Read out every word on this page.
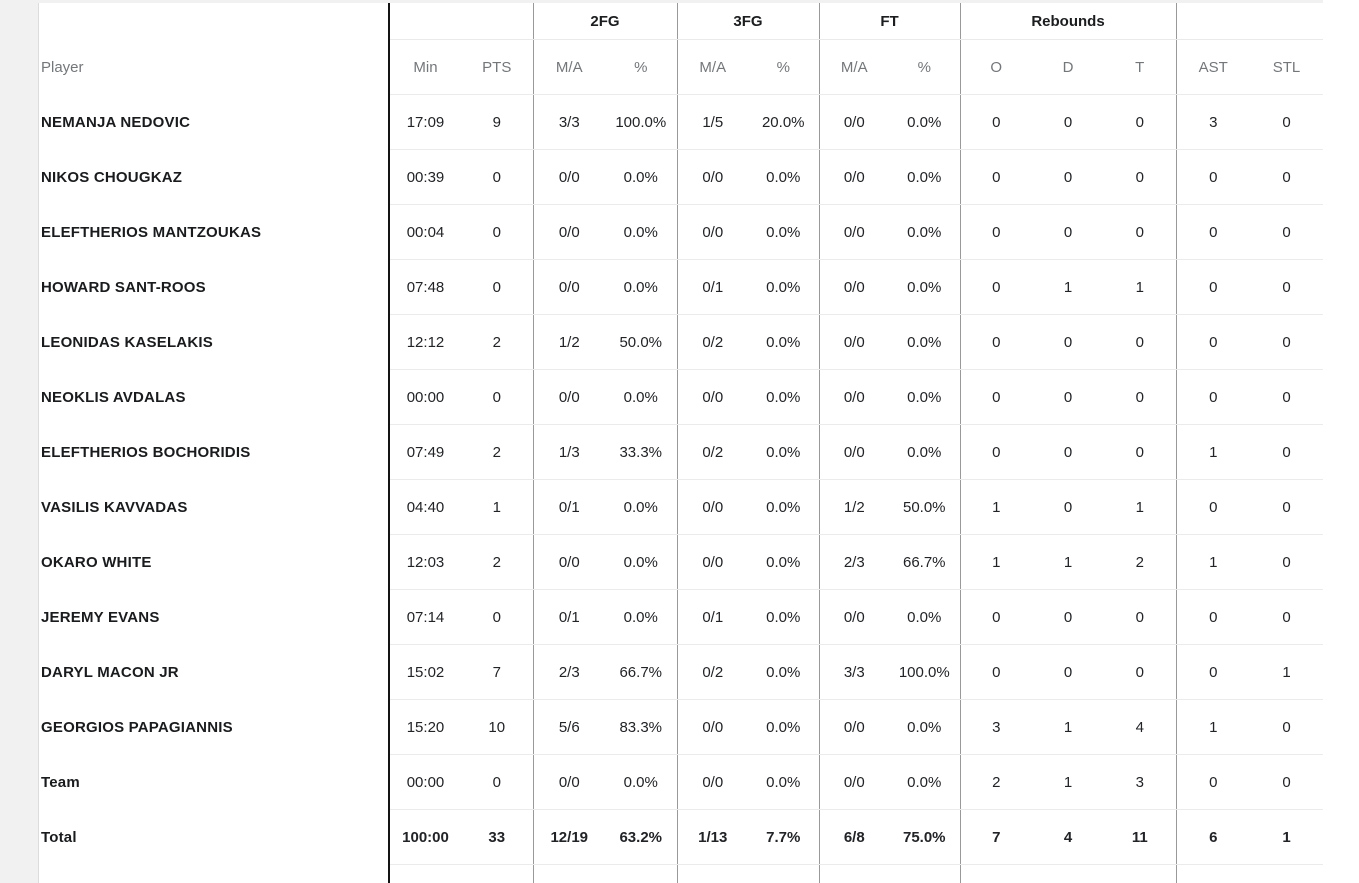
			2FG		3FG		FT		Rebounds				
Player	Min	PTS	M/A	%	M/A	%	M/A	%	O	D	T	AST	STL
NEMANJA NEDOVIC	17:09	9	3/3	100.0%	1/5	20.0%	0/0	0.0%	0	0	0	3	0
NIKOS CHOUGKAZ	00:39	0	0/0	0.0%	0/0	0.0%	0/0	0.0%	0	0	0	0	0
ELEFTHERIOS MANTZOUKAS	00:04	0	0/0	0.0%	0/0	0.0%	0/0	0.0%	0	0	0	0	0
HOWARD SANT-ROOS	07:48	0	0/0	0.0%	0/1	0.0%	0/0	0.0%	0	1	1	0	0
LEONIDAS KASELAKIS	12:12	2	1/2	50.0%	0/2	0.0%	0/0	0.0%	0	0	0	0	0
NEOKLIS AVDALAS	00:00	0	0/0	0.0%	0/0	0.0%	0/0	0.0%	0	0	0	0	0
ELEFTHERIOS BOCHORIDIS	07:49	2	1/3	33.3%	0/2	0.0%	0/0	0.0%	0	0	0	1	0
VASILIS KAVVADAS	04:40	1	0/1	0.0%	0/0	0.0%	1/2	50.0%	1	0	1	0	0
OKARO WHITE	12:03	2	0/0	0.0%	0/0	0.0%	2/3	66.7%	1	1	2	1	0
JEREMY EVANS	07:14	0	0/1	0.0%	0/1	0.0%	0/0	0.0%	0	0	0	0	0
DARYL MACON JR	15:02	7	2/3	66.7%	0/2	0.0%	3/3	100.0%	0	0	0	0	1
GEORGIOS PAPAGIANNIS	15:20	10	5/6	83.3%	0/0	0.0%	0/0	0.0%	3	1	4	1	0
Team	00:00	0	0/0	0.0%	0/0	0.0%	0/0	0.0%	2	1	3	0	0
Total	100:00	33	12/19	63.2%	1/13	7.7%	6/8	75.0%	7	4	11	6	1
